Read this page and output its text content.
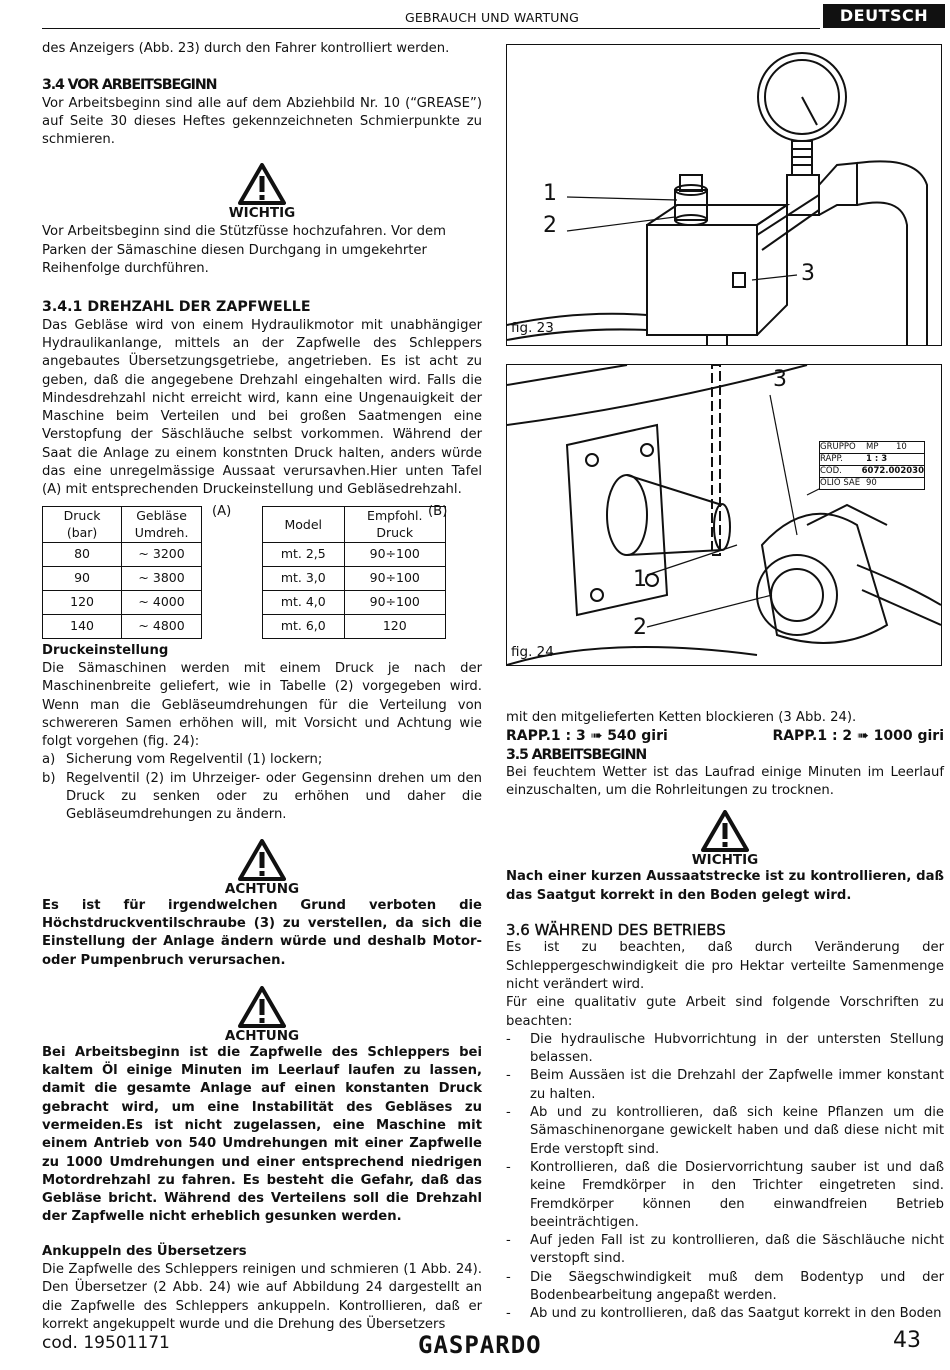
GEBRAUCH UND WARTUNG	DEUTSCH

des Anzeigers (Abb. 23) durch den Fahrer kontrolliert werden.

3.4 VOR ARBEITSBEGINN

Vor Arbeitsbeginn sind alle auf dem Abziehbild Nr. 10 (“GREASE”) auf Seite 30 dieses Heftes gekennzeichneten Schmierpunkte zu schmieren.

WICHTIG

Vor Arbeitsbeginn sind die Stützfüsse hochzufahren. Vor dem Parken der Sämaschine diesen Durchgang in umgekehrter Reihenfolge durchführen.

3.4.1 DREHZAHL DER ZAPFWELLE

Das Gebläse wird von einem Hydraulikmotor mit unabhängiger Hydraulikanlange, mittels an der Zapfwelle des Schleppers angebautes Übersetzungsgetriebe, angetrieben. Es ist acht zu geben, daß die angegebene Drehzahl eingehalten wird. Falls die Mindesdrehzahl nicht erreicht wird, kann eine Ungenauigkeit der Maschine beim Verteilen und bei großen Saatmengen eine Verstopfung der Säschläuche selbst vorkommen. Während der Saat die Anlage zu einem konstnten Druck halten, anders würde das eine unregelmässige Aussaat verursavhen.Hier unten Tafel (A) mit entsprechenden Druckeinstellung und Gebläsedrehzahl.

Druck
(bar)	Gebläse
Umdreh.
80	~ 3200
90	~ 3800
120	~ 4000
140	~ 4800
(A)
Model	Empfohl.
Druck
mt. 2,5	90÷100
mt. 3,0	90÷100
mt. 4,0	90÷100
mt. 6,0	120
(B)

Druckeinstellung

Die Sämaschinen werden mit einem Druck je nach der Maschinenbreite geliefert, wie in Tabelle (2) vorgegeben wird. Wenn man die Gebläseumdrehungen für die Verteilung von schwereren Samen erhöhen will, mit Vorsicht und Achtung wie folgt vorgehen (fig. 24):

a) Sicherung vom Regelventil (1) lockern;
b) Regelventil (2) im Uhrzeiger- oder Gegensinn drehen um den Druck zu senken oder zu erhöhen und daher die Gebläseumdrehungen zu ändern.
ACHTUNG

Es ist für irgendwelchen Grund verboten die Höchstdruckventilschraube (3) zu verstellen, da sich die Einstellung der Anlage ändern würde und deshalb Motor- oder Pumpenbruch verursachen.

ACHTUNG

Bei Arbeitsbeginn ist die Zapfwelle des Schleppers bei kaltem Öl einige Minuten im Leerlauf laufen zu lassen, damit die gesamte Anlage auf einen konstanten Druck gebracht wird, um eine Instabilität des Gebläses zu vermeiden.Es ist nicht zugelassen, eine Maschine mit einem Antrieb von 540 Umdrehungen mit einer Zapfwelle zu 1000 Umdrehungen und einer entsprechend niedrigen Motordrehzahl zu fahren. Es besteht die Gefahr, daß das Gebläse bricht. Während des Verteilens soll die Drehzahl der Zapfwelle nicht erheblich gesunken werden.

Ankuppeln des Übersetzers

Die Zapfwelle des Schleppers reinigen und schmieren (1 Abb. 24). Den Übersetzer (2 Abb. 24) wie auf Abbildung 24 dargestellt an die Zapfwelle des Schleppers ankuppeln. Kontrollieren, daß er korrekt angekuppelt wurde und die Drehung des Übersetzers

1
2
3
fig. 23
GRUPPO	MP	10
RAPP.	1 : 3
COD.	6072.002030
OLIO SAE 90
3
1
2
fig. 24

mit den mitgelieferten Ketten blockieren (3 Abb. 24).

RAPP.1 : 3 ➠ 540 giri	RAPP.1 : 2 ➠ 1000 giri
3.5 ARBEITSBEGINN

Bei feuchtem Wetter ist das Laufrad einige Minuten im Leerlauf einzuschalten, um die Rohrleitungen zu trocknen.

WICHTIG

Nach einer kurzen Aussaatstrecke ist zu kontrollieren, daß das Saatgut korrekt in den Boden gelegt wird.

3.6 WÄHREND DES BETRIEBS

Es ist zu beachten, daß durch Veränderung der Schleppergeschwindigkeit die pro Hektar verteilte Samenmenge nicht verändert wird.

Für eine qualitativ gute Arbeit sind folgende Vorschriften zu beachten:

-	Die hydraulische Hubvorrichtung in der untersten Stellung belassen.
-	Beim Aussäen ist die Drehzahl der Zapfwelle immer konstant zu halten.
-	Ab und zu kontrollieren, daß sich keine Pflanzen um die Sämaschinenorgane gewickelt haben und daß diese nicht mit Erde verstopft sind.
-	Kontrollieren, daß die Dosiervorrichtung sauber ist und daß keine Fremdkörper in den Trichter eingetreten sind. Fremdkörper können den einwandfreien Betrieb beeinträchtigen.
-	Auf jeden Fall ist zu kontrollieren, daß die Säschläuche nicht verstopft sind.
-	Die Säegschwindigkeit muß dem Bodentyp und der Bodenbearbeitung angepaßt werden.
-	Ab und zu kontrollieren, daß das Saatgut korrekt in den Boden
cod. 19501171	GASPARDO	43
